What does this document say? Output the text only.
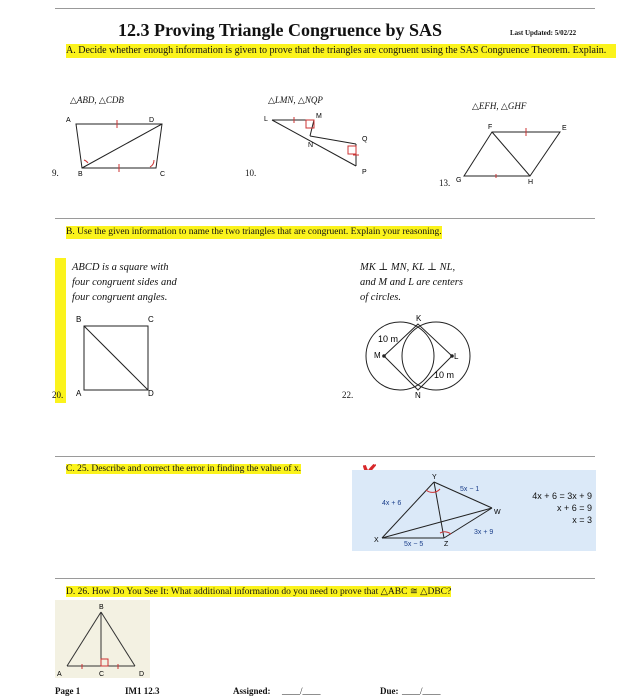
12.3 Proving Triangle Congruence by SAS	Last Updated: 5/02/22
A. Decide whether enough information is given to prove that the triangles are congruent using the SAS Congruence Theorem. Explain.
△ABD, △CDB	△LMN, △NQP
△EFH, △GHF
9.	10.
13.
A	D
B	C
L	M
N
Q
P
F	E
G	H
B. Use the given information to name the two triangles that are congruent. Explain your reasoning.
ABCD is a square with
four congruent sides and
four congruent angles.
20.
B	C
A	D
MK ⊥ MN, KL ⊥ NL,
and M and L are centers
of circles.
22.
K
M	L
N
10 m
10 m
C. 25. Describe and correct the error in finding the value of x.
Y
5x − 1
4x + 6
W
3x + 9
X
5x − 5	Z
4x + 6 = 3x + 9
x + 6 = 9
x = 3
D. 26. How Do You See It: What additional information do you need to prove that △ABC ≅ △DBC?
B
A	C	D
Page 1	IM1 12.3	Assigned: ____/____	Due: ____/____
